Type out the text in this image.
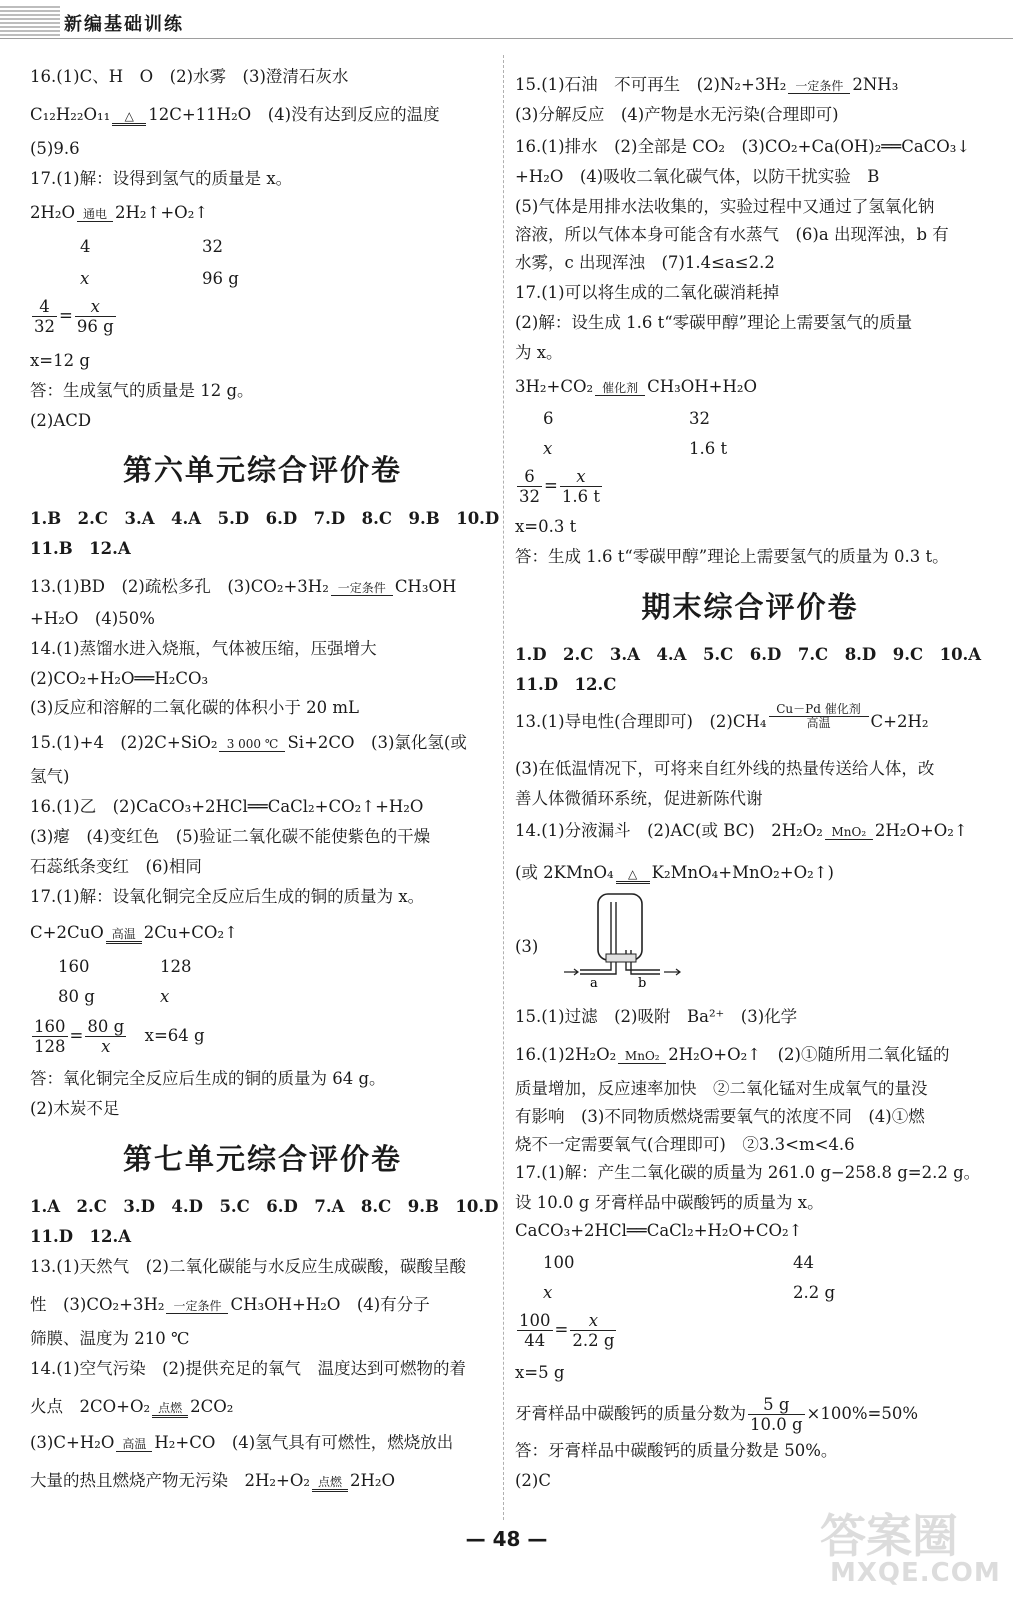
新编基础训练
16.(1)C、H　O　(2)水雾　(3)澄清石灰水
C₁₂H₂₂O₁₁	△ 12C+11H₂O　(4)没有达到反应的温度
(5)9.6
17.(1)解：设得到氢气的质量是 x。
2H₂O 通电 2H₂↑+O₂↑
4	32
x	96 g
$\frac{4}{32} = \frac{x}{96 g}$
x=12 g
答：生成氢气的质量是 12 g。
(2)ACD
第六单元综合评价卷
1.B　2.C　3.A　4.A　5.D　6.D　7.D　8.C　9.B　10.D
11.B　12.A
13.(1)BD　(2)疏松多孔　(3)CO₂+3H₂ 一定条件 CH₃OH
+H₂O　(4)50%
14.(1)蒸馏水进入烧瓶，气体被压缩，压强增大
(2)CO₂+H₂O══H₂CO₃
(3)反应和溶解的二氧化碳的体积小于 20 mL
15.(1)+4　(2)2C+SiO₂ 3 000 ℃ Si+2CO　(3)氯化氢(或
氢气)
16.(1)乙　(2)CaCO₃+2HCl══CaCl₂+CO₂↑+H₂O
(3)瘪　(4)变红色　(5)验证二氧化碳不能使紫色的干燥
石蕊纸条变红　(6)相同
17.(1)解：设氧化铜完全反应后生成的铜的质量为 x。
C+2CuO 高温 2Cu+CO₂↑
160	128
80 g	x
$\frac{160}{128} = \frac{80 g}{x}$
　 x=64 g
答：氧化铜完全反应后生成的铜的质量为 64 g。
(2)木炭不足
第七单元综合评价卷
1.A　2.C　3.D　4.D　5.C　6.D　7.A　8.C　9.B　10.D
11.D　12.A
13.(1)天然气　(2)二氧化碳能与水反应生成碳酸，碳酸呈酸
性　(3)CO₂+3H₂ 一定条件 CH₃OH+H₂O　(4)有分子
筛膜、温度为 210 ℃
14.(1)空气污染　(2)提供充足的氧气　温度达到可燃物的着
火点　2CO+O₂ 点燃 2CO₂
(3)C+H₂O 高温 H₂+CO　(4)氢气具有可燃性，燃烧放出
大量的热且燃烧产物无污染　2H₂+O₂ 点燃 2H₂O
15.(1)石油　不可再生　(2)N₂+3H₂ 一定条件 2NH₃
(3)分解反应　(4)产物是水无污染(合理即可)
16.(1)排水　(2)全部是 CO₂　(3)CO₂+Ca(OH)₂══CaCO₃↓
+H₂O　(4)吸收二氧化碳气体，以防干扰实验　B
(5)气体是用排水法收集的，实验过程中又通过了氢氧化钠
溶液，所以气体本身可能含有水蒸气　(6)a 出现浑浊，b 有
水雾，c 出现浑浊　(7)1.4≤a≤2.2
17.(1)可以将生成的二氧化碳消耗掉
(2)解：设生成 1.6 t“零碳甲醇”理论上需要氢气的质量
为 x。
3H₂+CO₂ 催化剂 CH₃OH+H₂O
6	32
x	1.6 t
$\frac{6}{32} = \frac{x}{1.6 t}$
x=0.3 t
答：生成 1.6 t“零碳甲醇”理论上需要氢气的质量为 0.3 t。
期末综合评价卷
1.D　2.C　3.A　4.A　5.C　6.D　7.C　8.D　9.C　10.A
11.D　12.C
13.(1)导电性(合理即可)　(2)CH₄
Cu－Pd 催化剂
高温	C+2H₂
(3)在低温情况下，可将来自红外线的热量传送给人体，改
善人体微循环系统，促进新陈代谢
14.(1)分液漏斗　(2)AC(或 BC)　2H₂O₂ MnO₂ 2H₂O+O₂↑
(或 2KMnO₄	△ K₂MnO₄+MnO₂+O₂↑)
(3)
15.(1)过滤　(2)吸附　Ba²⁺　(3)化学
16.(1)2H₂O₂ MnO₂ 2H₂O+O₂↑　(2)①随所用二氧化锰的
质量增加，反应速率加快　②二氧化锰对生成氧气的量没
有影响　(3)不同物质燃烧需要氧气的浓度不同　(4)①燃
烧不一定需要氧气(合理即可)　②3.3<m<4.6
17.(1)解：产生二氧化碳的质量为 261.0 g−258.8 g=2.2 g。
设 10.0 g 牙膏样品中碳酸钙的质量为 x。
CaCO₃+2HCl══CaCl₂+H₂O+CO₂↑
100	44
x	2.2 g
$\frac{100}{44} = \frac{x}{2.2 g}$
x=5 g
牙膏样品中碳酸钙的质量分数为 $\frac{5 g}{10.0 g} \times 100\%=50\%$
答：牙膏样品中碳酸钙的质量分数是 50%。
(2)C
a	b
— 48 —	答案圈
MXQE.COM
